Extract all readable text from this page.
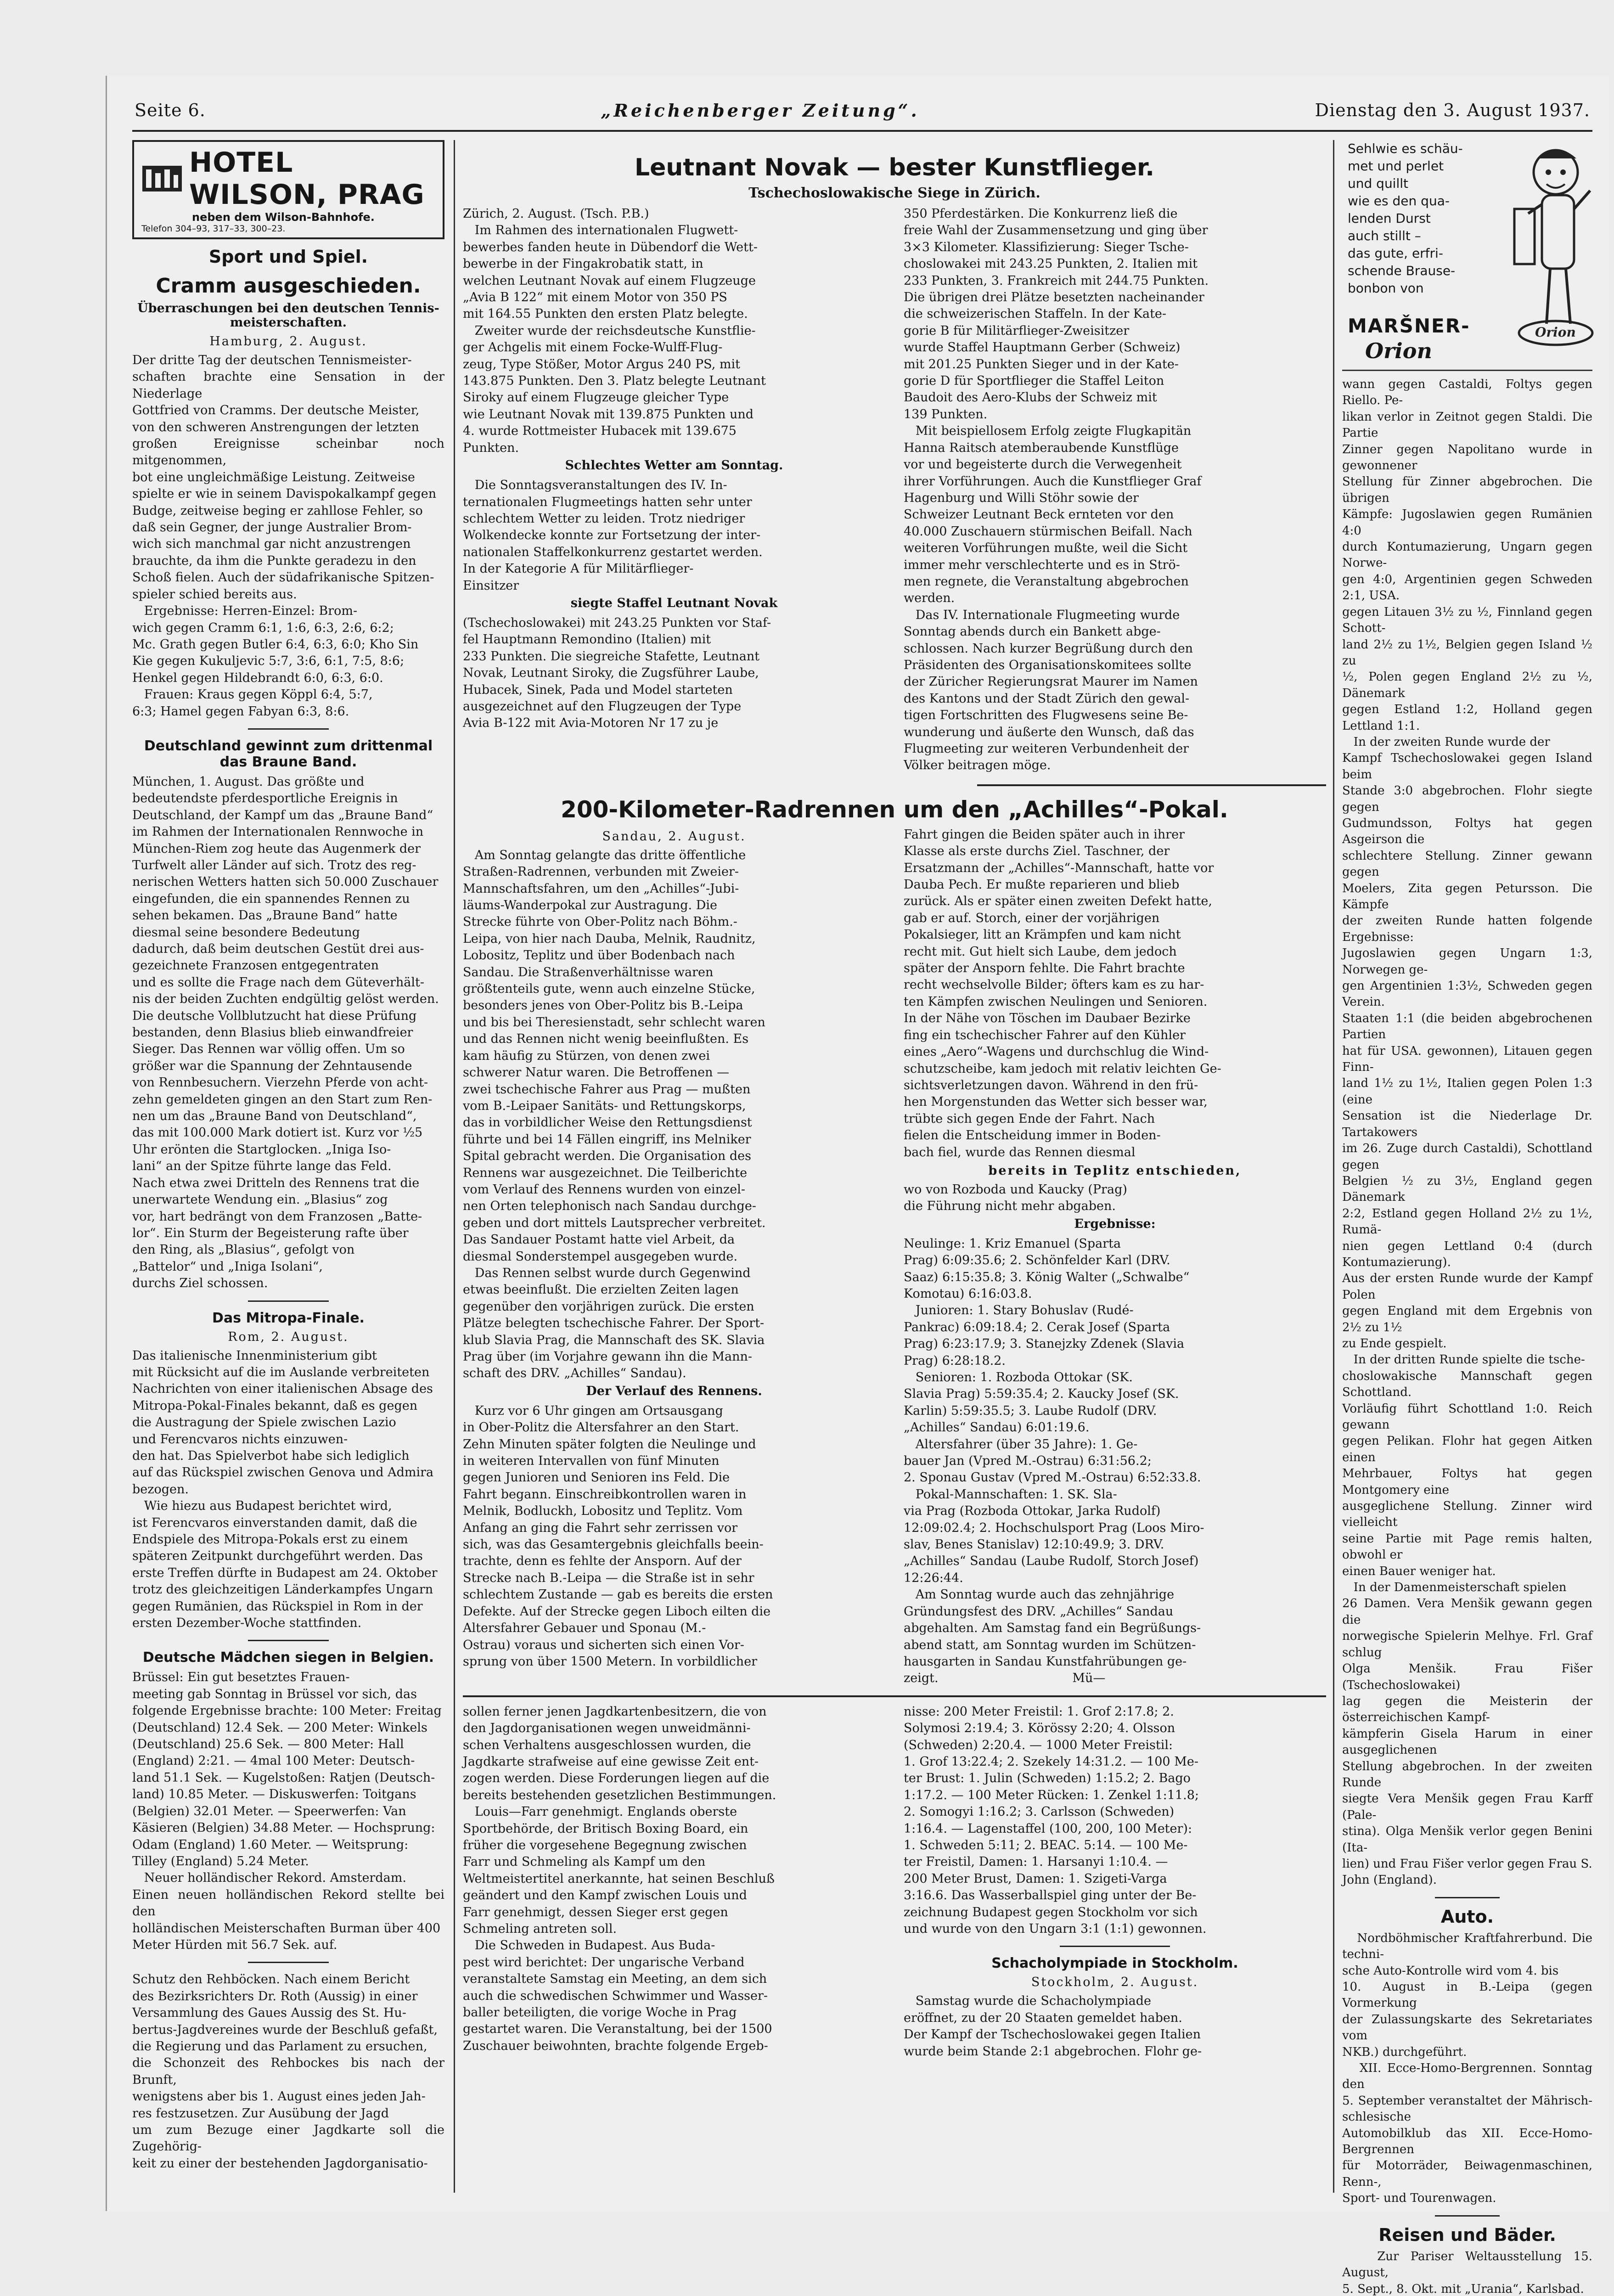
Seite 6.	„Reichenberger Zeitung“.	Dienstag den 3. August 1937.
HOTEL WILSON, PRAG
neben dem Wilson-Bahnhofe.
Telefon 304–93, 317–33, 300–23.
Sport und Spiel.
Cramm ausgeschieden.
Überraschungen bei den deutschen Tennis-
meisterschaften.
Hamburg, 2. August.

Der dritte Tag der deutschen Tennismeister-
schaften brachte eine Sensation in der Niederlage
Gottfried von Cramms. Der deutsche Meister,
von den schweren Anstrengungen der letzten
großen Ereignisse scheinbar noch mitgenommen,
bot eine ungleichmäßige Leistung. Zeitweise
spielte er wie in seinem Davispokalkampf gegen
Budge, zeitweise beging er zahllose Fehler, so
daß sein Gegner, der junge Australier Brom-
wich sich manchmal gar nicht anzustrengen
brauchte, da ihm die Punkte geradezu in den
Schoß fielen. Auch der südafrikanische Spitzen-
spieler schied bereits aus.
Ergebnisse: Herren-Einzel: Brom-
wich gegen Cramm 6:1, 1:6, 6:3, 2:6, 6:2;
Mc. Grath gegen Butler 6:4, 6:3, 6:0; Kho Sin
Kie gegen Kukuljevic 5:7, 3:6, 6:1, 7:5, 8:6;
Henkel gegen Hildebrandt 6:0, 6:3, 6:0.
Frauen: Kraus gegen Köppl 6:4, 5:7,
6:3; Hamel gegen Fabyan 6:3, 8:6.

Deutschland gewinnt zum drittenmal
das Braune Band.

München, 1. August. Das größte und
bedeutendste pferdesportliche Ereignis in
Deutschland, der Kampf um das „Braune Band“
im Rahmen der Internationalen Rennwoche in
München-Riem zog heute das Augenmerk der
Turfwelt aller Länder auf sich. Trotz des reg-
nerischen Wetters hatten sich 50.000 Zuschauer
eingefunden, die ein spannendes Rennen zu
sehen bekamen. Das „Braune Band“ hatte
diesmal seine besondere Bedeutung
dadurch, daß beim deutschen Gestüt drei aus-
gezeichnete Franzosen entgegentraten
und es sollte die Frage nach dem Güteverhält-
nis der beiden Zuchten endgültig gelöst werden.
Die deutsche Vollblutzucht hat diese Prüfung
bestanden, denn Blasius blieb einwandfreier
Sieger. Das Rennen war völlig offen. Um so
größer war die Spannung der Zehntausende
von Rennbesuchern. Vierzehn Pferde von acht-
zehn gemeldeten gingen an den Start zum Ren-
nen um das „Braune Band von Deutschland“,
das mit 100.000 Mark dotiert ist. Kurz vor ½5
Uhr erönten die Startglocken. „Iniga Iso-
lani“ an der Spitze führte lange das Feld.
Nach etwa zwei Dritteln des Rennens trat die
unerwartete Wendung ein. „Blasius“ zog
vor, hart bedrängt von dem Franzosen „Batte-
lor“. Ein Sturm der Begeisterung rafte über
den Ring, als „Blasius“, gefolgt von
„Battelor“ und „Iniga Isolani“,
durchs Ziel schossen.

Das Mitropa-Finale.
Rom, 2. August.

Das italienische Innenministerium gibt
mit Rücksicht auf die im Auslande verbreiteten
Nachrichten von einer italienischen Absage des
Mitropa-Pokal-Finales bekannt, daß es gegen
die Austragung der Spiele zwischen Lazio
und Ferencvaros nichts einzuwen-
den hat. Das Spielverbot habe sich lediglich
auf das Rückspiel zwischen Genova und Admira
bezogen.
Wie hiezu aus Budapest berichtet wird,
ist Ferencvaros einverstanden damit, daß die
Endspiele des Mitropa-Pokals erst zu einem
späteren Zeitpunkt durchgeführt werden. Das
erste Treffen dürfte in Budapest am 24. Oktober
trotz des gleichzeitigen Länderkampfes Ungarn
gegen Rumänien, das Rückspiel in Rom in der
ersten Dezember-Woche stattfinden.

Deutsche Mädchen siegen in Belgien.

Brüssel: Ein gut besetztes Frauen-
meeting gab Sonntag in Brüssel vor sich, das
folgende Ergebnisse brachte: 100 Meter: Freitag
(Deutschland) 12.4 Sek. — 200 Meter: Winkels
(Deutschland) 25.6 Sek. — 800 Meter: Hall
(England) 2:21. — 4mal 100 Meter: Deutsch-
land 51.1 Sek. — Kugelstoßen: Ratjen (Deutsch-
land) 10.85 Meter. — Diskuswerfen: Toitgans
(Belgien) 32.01 Meter. — Speerwerfen: Van
Käsieren (Belgien) 34.88 Meter. — Hochsprung:
Odam (England) 1.60 Meter. — Weitsprung:
Tilley (England) 5.24 Meter.
Neuer holländischer Rekord. Amsterdam.
Einen neuen holländischen Rekord stellte bei den
holländischen Meisterschaften Burman über 400
Meter Hürden mit 56.7 Sek. auf.

Schutz den Rehböcken. Nach einem Bericht
des Bezirksrichters Dr. Roth (Aussig) in einer
Versammlung des Gaues Aussig des St. Hu-
bertus-Jagdvereines wurde der Beschluß gefaßt,
die Regierung und das Parlament zu ersuchen,
die Schonzeit des Rehbockes bis nach der Brunft,
wenigstens aber bis 1. August eines jeden Jah-
res festzusetzen. Zur Ausübung der Jagd
um zum Bezuge einer Jagdkarte soll die Zugehörig-
keit zu einer der bestehenden Jagdorganisatio-

Leutnant Novak — bester Kunstflieger.
Tschechoslowakische Siege in Zürich.

Zürich, 2. August. (Tsch. P.B.)
Im Rahmen des internationalen Flugwett-
bewerbes fanden heute in Dübendorf die Wett-
bewerbe in der Fingakrobatik statt, in
welchen Leutnant Novak auf einem Flugzeuge
„Avia B 122“ mit einem Motor von 350 PS
mit 164.55 Punkten den ersten Platz belegte.
Zweiter wurde der reichsdeutsche Kunstflie-
ger Achgelis mit einem Focke-Wulff-Flug-
zeug, Type Stößer, Motor Argus 240 PS, mit
143.875 Punkten. Den 3. Platz belegte Leutnant
Siroky auf einem Flugzeuge gleicher Type
wie Leutnant Novak mit 139.875 Punkten und
4. wurde Rottmeister Hubacek mit 139.675
Punkten.

Schlechtes Wetter am Sonntag.

Die Sonntagsveranstaltungen des IV. In-
ternationalen Flugmeetings hatten sehr unter
schlechtem Wetter zu leiden. Trotz niedriger
Wolkendecke konnte zur Fortsetzung der inter-
nationalen Staffelkonkurrenz gestartet werden.
In der Kategorie A für Militärflieger-
Einsitzer

siegte Staffel Leutnant Novak

(Tschechoslowakei) mit 243.25 Punkten vor Staf-
fel Hauptmann Remondino (Italien) mit
233 Punkten. Die siegreiche Stafette, Leutnant
Novak, Leutnant Siroky, die Zugsführer Laube,
Hubacek, Sinek, Pada und Model starteten
ausgezeichnet auf den Flugzeugen der Type
Avia B-122 mit Avia-Motoren Nr 17 zu je

350 Pferdestärken. Die Konkurrenz ließ die
freie Wahl der Zusammensetzung und ging über
3×3 Kilometer. Klassifizierung: Sieger Tsche-
choslowakei mit 243.25 Punkten, 2. Italien mit
233 Punkten, 3. Frankreich mit 244.75 Punkten.
Die übrigen drei Plätze besetzten nacheinander
die schweizerischen Staffeln. In der Kate-
gorie B für Militärflieger-Zweisitzer
wurde Staffel Hauptmann Gerber (Schweiz)
mit 201.25 Punkten Sieger und in der Kate-
gorie D für Sportflieger die Staffel Leiton
Baudoit des Aero-Klubs der Schweiz mit
139 Punkten.
Mit beispiellosem Erfolg zeigte Flugkapitän
Hanna Raitsch atemberaubende Kunstflüge
vor und begeisterte durch die Verwegenheit
ihrer Vorführungen. Auch die Kunstflieger Graf
Hagenburg und Willi Stöhr sowie der
Schweizer Leutnant Beck ernteten vor den
40.000 Zuschauern stürmischen Beifall. Nach
weiteren Vorführungen mußte, weil die Sicht
immer mehr verschlechterte und es in Strö-
men regnete, die Veranstaltung abgebrochen
werden.
Das IV. Internationale Flugmeeting wurde
Sonntag abends durch ein Bankett abge-
schlossen. Nach kurzer Begrüßung durch den
Präsidenten des Organisationskomitees sollte
der Züricher Regierungsrat Maurer im Namen
des Kantons und der Stadt Zürich den gewal-
tigen Fortschritten des Flugwesens seine Be-
wunderung und äußerte den Wunsch, daß das
Flugmeeting zur weiteren Verbundenheit der
Völker beitragen möge.

200-Kilometer-Radrennen um den „Achilles“-Pokal.
Sandau, 2. August.

Am Sonntag gelangte das dritte öffentliche
Straßen-Radrennen, verbunden mit Zweier-
Mannschaftsfahren, um den „Achilles“-Jubi-
läums-Wanderpokal zur Austragung. Die
Strecke führte von Ober-Politz nach Böhm.-
Leipa, von hier nach Dauba, Melnik, Raudnitz,
Lobositz, Teplitz und über Bodenbach nach
Sandau. Die Straßenverhältnisse waren
größtenteils gute, wenn auch einzelne Stücke,
besonders jenes von Ober-Politz bis B.-Leipa
und bis bei Theresienstadt, sehr schlecht waren
und das Rennen nicht wenig beeinflußten. Es
kam häufig zu Stürzen, von denen zwei
schwerer Natur waren. Die Betroffenen —
zwei tschechische Fahrer aus Prag — mußten
vom B.-Leipaer Sanitäts- und Rettungskorps,
das in vorbildlicher Weise den Rettungsdienst
führte und bei 14 Fällen eingriff, ins Melniker
Spital gebracht werden. Die Organisation des
Rennens war ausgezeichnet. Die Teilberichte
vom Verlauf des Rennens wurden von einzel-
nen Orten telephonisch nach Sandau durchge-
geben und dort mittels Lautsprecher verbreitet.
Das Sandauer Postamt hatte viel Arbeit, da
diesmal Sonderstempel ausgegeben wurde.
Das Rennen selbst wurde durch Gegenwind
etwas beeinflußt. Die erzielten Zeiten lagen
gegenüber den vorjährigen zurück. Die ersten
Plätze belegten tschechische Fahrer. Der Sport-
klub Slavia Prag, die Mannschaft des SK. Slavia
Prag über (im Vorjahre gewann ihn die Mann-
schaft des DRV. „Achilles“ Sandau).

Der Verlauf des Rennens.

Kurz vor 6 Uhr gingen am Ortsausgang
in Ober-Politz die Altersfahrer an den Start.
Zehn Minuten später folgten die Neulinge und
in weiteren Intervallen von fünf Minuten
gegen Junioren und Senioren ins Feld. Die
Fahrt begann. Einschreibkontrollen waren in
Melnik, Bodluckh, Lobositz und Teplitz. Vom
Anfang an ging die Fahrt sehr zerrissen vor
sich, was das Gesamtergebnis gleichfalls beein-
trachte, denn es fehlte der Ansporn. Auf der
Strecke nach B.-Leipa — die Straße ist in sehr
schlechtem Zustande — gab es bereits die ersten
Defekte. Auf der Strecke gegen Liboch eilten die
Altersfahrer Gebauer und Sponau (M.-
Ostrau) voraus und sicherten sich einen Vor-
sprung von über 1500 Metern. In vorbildlicher

Fahrt gingen die Beiden später auch in ihrer
Klasse als erste durchs Ziel. Taschner, der
Ersatzmann der „Achilles“-Mannschaft, hatte vor
Dauba Pech. Er mußte reparieren und blieb
zurück. Als er später einen zweiten Defekt hatte,
gab er auf. Storch, einer der vorjährigen
Pokalsieger, litt an Krämpfen und kam nicht
recht mit. Gut hielt sich Laube, dem jedoch
später der Ansporn fehlte. Die Fahrt brachte
recht wechselvolle Bilder; öfters kam es zu har-
ten Kämpfen zwischen Neulingen und Senioren.
In der Nähe von Töschen im Daubaer Bezirke
fing ein tschechischer Fahrer auf den Kühler
eines „Aero“-Wagens und durchschlug die Wind-
schutzscheibe, kam jedoch mit relativ leichten Ge-
sichtsverletzungen davon. Während in den frü-
hen Morgenstunden das Wetter sich besser war,
trübte sich gegen Ende der Fahrt. Nach
fielen die Entscheidung immer in Boden-
bach fiel, wurde das Rennen diesmal

bereits in Teplitz entschieden,

wo von Rozboda und Kaucky (Prag)
die Führung nicht mehr abgaben.

Ergebnisse:

Neulinge: 1. Kriz Emanuel (Sparta
Prag) 6:09:35.6; 2. Schönfelder Karl (DRV.
Saaz) 6:15:35.8; 3. König Walter („Schwalbe“
Komotau) 6:16:03.8.
Junioren: 1. Stary Bohuslav (Rudé-
Pankrac) 6:09:18.4; 2. Cerak Josef (Sparta
Prag) 6:23:17.9; 3. Stanejzky Zdenek (Slavia
Prag) 6:28:18.2.
Senioren: 1. Rozboda Ottokar (SK.
Slavia Prag) 5:59:35.4; 2. Kaucky Josef (SK.
Karlin) 5:59:35.5; 3. Laube Rudolf (DRV.
„Achilles“ Sandau) 6:01:19.6.
Altersfahrer (über 35 Jahre): 1. Ge-
bauer Jan (Vpred M.-Ostrau) 6:31:56.2;
2. Sponau Gustav (Vpred M.-Ostrau) 6:52:33.8.
Pokal-Mannschaften: 1. SK. Sla-
via Prag (Rozboda Ottokar, Jarka Rudolf)
12:09:02.4; 2. Hochschulsport Prag (Loos Miro-
slav, Benes Stanislav) 12:10:49.9; 3. DRV.
„Achilles“ Sandau (Laube Rudolf, Storch Josef)
12:26:44.
Am Sonntag wurde auch das zehnjährige
Gründungsfest des DRV. „Achilles“ Sandau
abgehalten. Am Samstag fand ein Begrüßungs-
abend statt, am Sonntag wurden im Schützen-
hausgarten in Sandau Kunstfahrübungen ge-
zeigt.                                  Mü—

sollen ferner jenen Jagdkartenbesitzern, die von
den Jagdorganisationen wegen unweidmänni-
schen Verhaltens ausgeschlossen wurden, die
Jagdkarte strafweise auf eine gewisse Zeit ent-
zogen werden. Diese Forderungen liegen auf die
bereits bestehenden gesetzlichen Bestimmungen.
Louis—Farr genehmigt. Englands oberste
Sportbehörde, der Britisch Boxing Board, ein
früher die vorgesehene Begegnung zwischen
Farr und Schmeling als Kampf um den
Weltmeistertitel anerkannte, hat seinen Beschluß
geändert und den Kampf zwischen Louis und
Farr genehmigt, dessen Sieger erst gegen
Schmeling antreten soll.
Die Schweden in Budapest. Aus Buda-
pest wird berichtet: Der ungarische Verband
veranstaltete Samstag ein Meeting, an dem sich
auch die schwedischen Schwimmer und Wasser-
baller beteiligten, die vorige Woche in Prag
gestartet waren. Die Veranstaltung, bei der 1500
Zuschauer beiwohnten, brachte folgende Ergeb-

nisse: 200 Meter Freistil: 1. Grof 2:17.8; 2.
Solymosi 2:19.4; 3. Körössy 2:20; 4. Olsson
(Schweden) 2:20.4. — 1000 Meter Freistil:
1. Grof 13:22.4; 2. Szekely 14:31.2. — 100 Me-
ter Brust: 1. Julin (Schweden) 1:15.2; 2. Bago
1:17.2. — 100 Meter Rücken: 1. Zenkel 1:11.8;
2. Somogyi 1:16.2; 3. Carlsson (Schweden)
1:16.4. — Lagenstaffel (100, 200, 100 Meter):
1. Schweden 5:11; 2. BEAC. 5:14. — 100 Me-
ter Freistil, Damen: 1. Harsanyi 1:10.4. —
200 Meter Brust, Damen: 1. Szigeti-Varga
3:16.6. Das Wasserballspiel ging unter der Be-
zeichnung Budapest gegen Stockholm vor sich
und wurde von den Ungarn 3:1 (1:1) gewonnen.

Schacholympiade in Stockholm.
Stockholm, 2. August.

Samstag wurde die Schacholympiade
eröffnet, zu der 20 Staaten gemeldet haben.
Der Kampf der Tschechoslowakei gegen Italien
wurde beim Stande 2:1 abgebrochen. Flohr ge-

Sehlwie es schäu-
met und perlet
und quillt
wie es den qua-
lenden Durst
auch stillt –
das gute, erfri-
schende Brause-
bonbon von
MARŠNER-
Orion
Orion

wann gegen Castaldi, Foltys gegen Riello. Pe-
likan verlor in Zeitnot gegen Staldi. Die Partie
Zinner gegen Napolitano wurde in gewonnener
Stellung für Zinner abgebrochen. Die übrigen
Kämpfe: Jugoslawien gegen Rumänien 4:0
durch Kontumazierung, Ungarn gegen Norwe-
gen 4:0, Argentinien gegen Schweden 2:1, USA.
gegen Litauen 3½ zu ½, Finnland gegen Schott-
land 2½ zu 1½, Belgien gegen Island ½ zu
½, Polen gegen England 2½ zu ½, Dänemark
gegen Estland 1:2, Holland gegen Lettland 1:1.
In der zweiten Runde wurde der
Kampf Tschechoslowakei gegen Island beim
Stande 3:0 abgebrochen. Flohr siegte gegen
Gudmundsson, Foltys hat gegen Asgeirson die
schlechtere Stellung. Zinner gewann gegen
Moelers, Zita gegen Petursson. Die Kämpfe
der zweiten Runde hatten folgende Ergebnisse:
Jugoslawien gegen Ungarn 1:3, Norwegen ge-
gen Argentinien 1:3½, Schweden gegen Verein.
Staaten 1:1 (die beiden abgebrochenen Partien
hat für USA. gewonnen), Litauen gegen Finn-
land 1½ zu 1½, Italien gegen Polen 1:3 (eine
Sensation ist die Niederlage Dr. Tartakowers
im 26. Zuge durch Castaldi), Schottland gegen
Belgien ½ zu 3½, England gegen Dänemark
2:2, Estland gegen Holland 2½ zu 1½, Rumä-
nien gegen Lettland 0:4 (durch Kontumazierung).
Aus der ersten Runde wurde der Kampf Polen
gegen England mit dem Ergebnis von 2½ zu 1½
zu Ende gespielt.
In der dritten Runde spielte die tsche-
choslowakische Mannschaft gegen Schottland.
Vorläufig führt Schottland 1:0. Reich gewann
gegen Pelikan. Flohr hat gegen Aitken einen
Mehrbauer, Foltys hat gegen Montgomery eine
ausgeglichene Stellung. Zinner wird vielleicht
seine Partie mit Page remis halten, obwohl er
einen Bauer weniger hat.
In der Damenmeisterschaft spielen
26 Damen. Vera Menšik gewann gegen die
norwegische Spielerin Melhye. Frl. Graf schlug
Olga Menšik. Frau Fišer (Tschechoslowakei)
lag gegen die Meisterin der österreichischen Kampf-
kämpferin Gisela Harum in einer ausgeglichenen
Stellung abgebrochen. In der zweiten Runde
siegte Vera Menšik gegen Frau Karff (Pale-
stina). Olga Menšik verlor gegen Benini (Ita-
lien) und Frau Fišer verlor gegen Frau S.
John (England).

Auto.

Nordböhmischer Kraftfahrerbund. Die techni-
sche Auto-Kontrolle wird vom 4. bis
10. August in B.-Leipa (gegen Vormerkung
der Zulassungskarte des Sekretariates vom
NKB.) durchgeführt.
XII. Ecce-Homo-Bergrennen. Sonntag den
5. September veranstaltet der Mährisch-schlesische
Automobilklub das XII. Ecce-Homo-Bergrennen
für Motorräder, Beiwagenmaschinen, Renn-,
Sport- und Tourenwagen.

Reisen und Bäder.

Zur Pariser Weltausstellung 15. August,
5. Sept., 8. Okt. mit „Urania“, Karlsbad.
